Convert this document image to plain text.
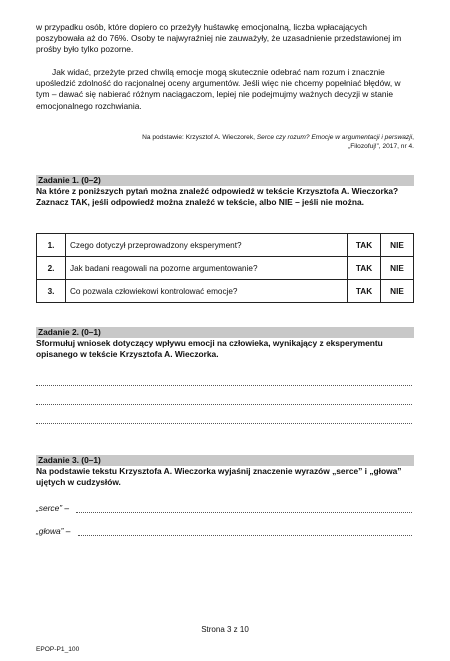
w przypadku osób, które dopiero co przeżyły huśtawkę emocjonalną, liczba wpłacających poszybowała aż do 76%. Osoby te najwyraźniej nie zauważyły, że uzasadnienie przedstawionej im prośby było tylko pozorne.

Jak widać, przeżyte przed chwilą emocje mogą skutecznie odebrać nam rozum i znacznie upośledzić zdolność do racjonalnej oceny argumentów. Jeśli więc nie chcemy popełniać błędów, w tym – dawać się nabierać różnym naciągaczom, lepiej nie podejmujmy ważnych decyzji w stanie emocjonalnego rozchwiania.

Na podstawie: Krzysztof A. Wieczorek, Serce czy rozum? Emocje w argumentacji i perswazji,
„Filozofuj!”, 2017, nr 4.
Zadanie 1. (0–2)

Na które z poniższych pytań można znaleźć odpowiedź w tekście Krzysztofa A. Wieczorka? Zaznacz TAK, jeśli odpowiedź można znaleźć w tekście, albo NIE – jeśli nie można.

1.	Czego dotyczył przeprowadzony eksperyment?	TAK	NIE
2.	Jak badani reagowali na pozorne argumentowanie?	TAK	NIE
3.	Co pozwala człowiekowi kontrolować emocje?	TAK	NIE
Zadanie 2. (0–1)

Sformułuj wniosek dotyczący wpływu emocji na człowieka, wynikający z eksperymentu opisanego w tekście Krzysztofa A. Wieczorka.

Zadanie 3. (0–1)

Na podstawie tekstu Krzysztofa A. Wieczorka wyjaśnij znaczenie wyrazów „serce” i „głowa” ujętych w cudzysłów.

„serce” –
„głowa” –
Strona 3 z 10
EPOP-P1_100
